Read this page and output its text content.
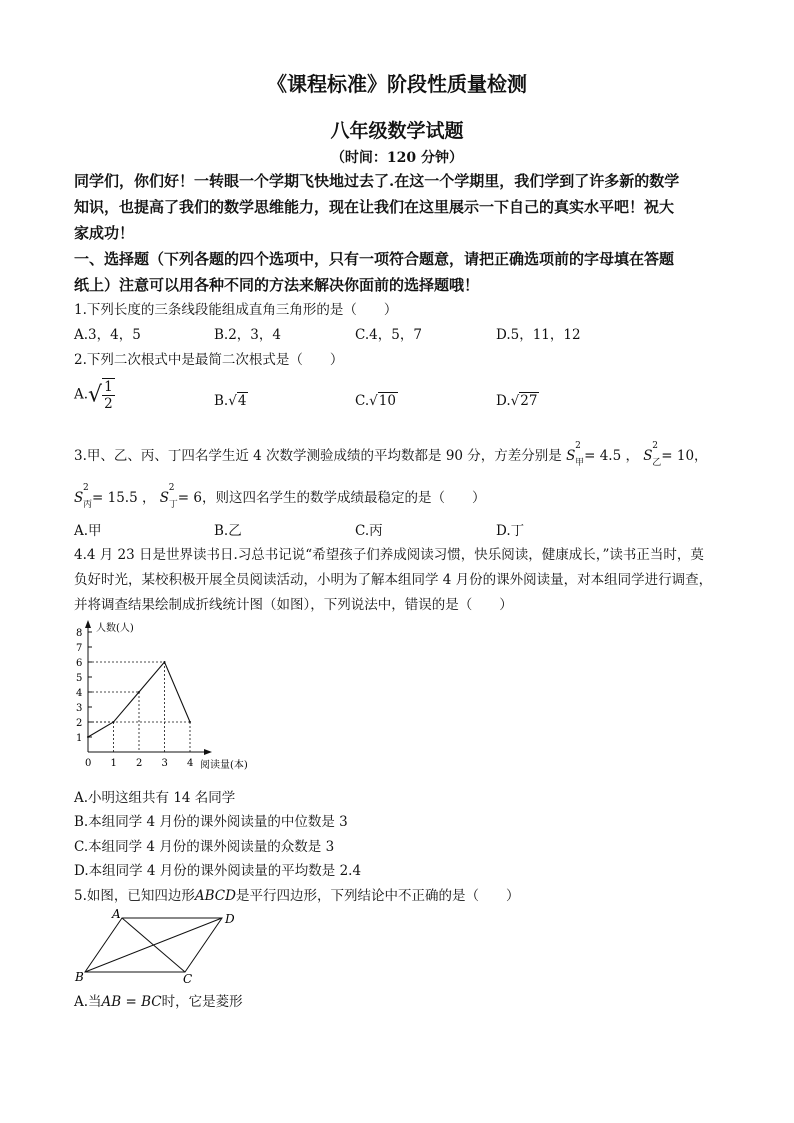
《课程标准》阶段性质量检测
八年级数学试题
（时间：120 分钟）
同学们，你们好！一转眼一个学期飞快地过去了.在这一个学期里，我们学到了许多新的数学
知识，也提高了我们的数学思维能力，现在让我们在这里展示一下自己的真实水平吧！祝大
家成功！
一、选择题（下列各题的四个选项中，只有一项符合题意，请把正确选项前的字母填在答题
纸上）注意可以用各种不同的方法来解决你面前的选择题哦！
1.下列长度的三条线段能组成直角三角形的是（　　）
A.3，4，5	B.2，3，4	C.4，5，7	D.5，11，12
2.下列二次根式中是最简二次根式是（　　）
$A.√ \frac{1}{2}$	B.√4	C.√10	D.√27
3.甲、乙、丙、丁四名学生近 4 次数学测验成绩的平均数都是 90 分，方差分别是 S
2
甲 = 4.5 ， S
2
乙 = 10，
S
2
丙 = 15.5 ， S
2
丁 = 6，则这四名学生的数学成绩最稳定的是（　　）
A.甲	B.乙	C.丙	D.丁
4.4 月 23 日是世界读书日.习总书记说“希望孩子们养成阅读习惯，快乐阅读，健康成长，”读书正当时，莫
负好时光，某校积极开展全员阅读活动，小明为了解本组同学 4 月份的课外阅读量，对本组同学进行调查，
并将调查结果绘制成折线统计图（如图），下列说法中，错误的是（　　）
1
2
3
4
5
6
7
8
0 1 2 3 4
人数(人)
阅读量(本)
A.小明这组共有 14 名同学
B.本组同学 4 月份的课外阅读量的中位数是 3
C.本组同学 4 月份的课外阅读量的众数是 3
D.本组同学 4 月份的课外阅读量的平均数是 2.4
5.如图，已知四边形ABCD是平行四边形，下列结论中不正确的是（　　）
A	D
B	C
A.当AB = BC时，它是菱形
